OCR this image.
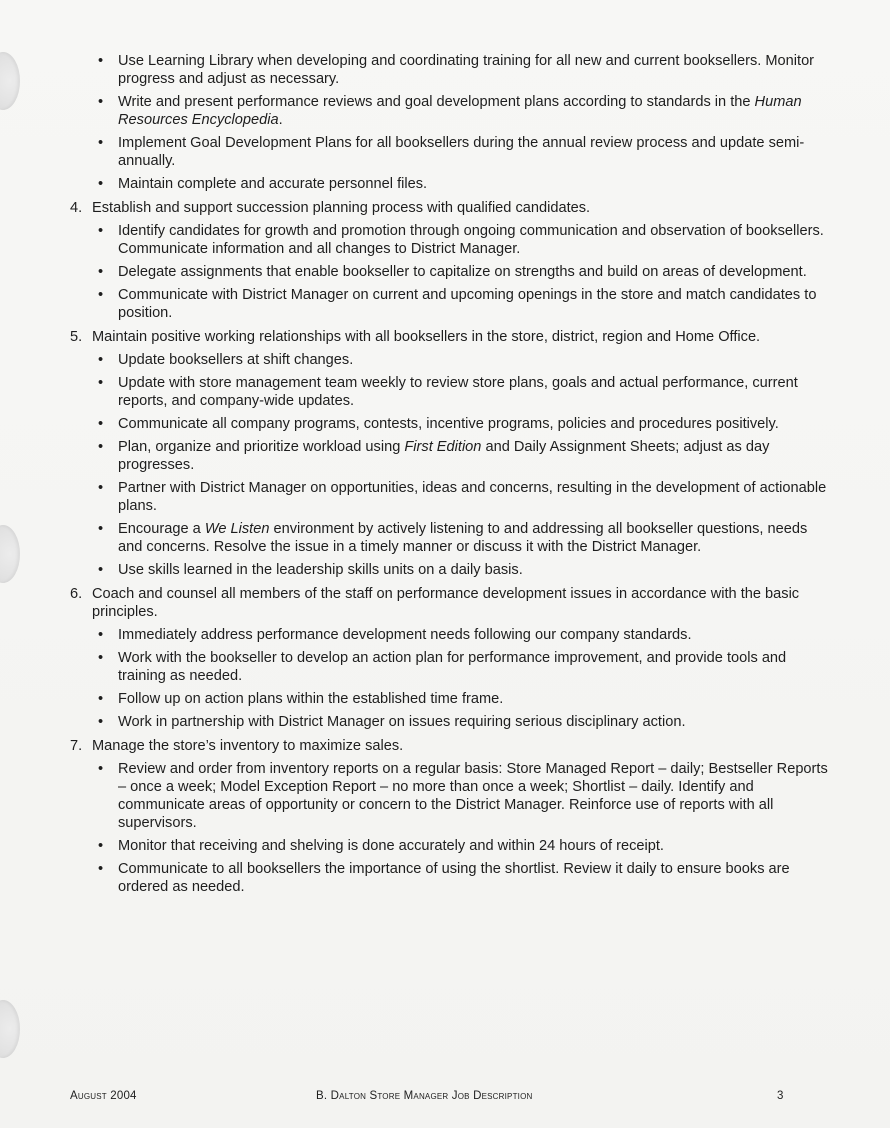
• Use Learning Library when developing and coordinating training for all new and current booksellers. Monitor progress and adjust as necessary.
• Write and present performance reviews and goal development plans according to standards in the Human Resources Encyclopedia.
• Implement Goal Development Plans for all booksellers during the annual review process and update semi-annually.
• Maintain complete and accurate personnel files.
4. Establish and support succession planning process with qualified candidates.
• Identify candidates for growth and promotion through ongoing communication and observation of booksellers. Communicate information and all changes to District Manager.
• Delegate assignments that enable bookseller to capitalize on strengths and build on areas of development.
• Communicate with District Manager on current and upcoming openings in the store and match candidates to position.
5. Maintain positive working relationships with all booksellers in the store, district, region and Home Office.
• Update booksellers at shift changes.
• Update with store management team weekly to review store plans, goals and actual performance, current reports, and company-wide updates.
• Communicate all company programs, contests, incentive programs, policies and procedures positively.
• Plan, organize and prioritize workload using First Edition and Daily Assignment Sheets; adjust as day progresses.
• Partner with District Manager on opportunities, ideas and concerns, resulting in the development of actionable plans.
• Encourage a We Listen environment by actively listening to and addressing all bookseller questions, needs and concerns. Resolve the issue in a timely manner or discuss it with the District Manager.
• Use skills learned in the leadership skills units on a daily basis.
6. Coach and counsel all members of the staff on performance development issues in accordance with the basic principles.
• Immediately address performance development needs following our company standards.
• Work with the bookseller to develop an action plan for performance improvement, and provide tools and training as needed.
• Follow up on action plans within the established time frame.
• Work in partnership with District Manager on issues requiring serious disciplinary action.
7. Manage the store’s inventory to maximize sales.
• Review and order from inventory reports on a regular basis: Store Managed Report – daily; Bestseller Reports – once a week; Model Exception Report – no more than once a week; Shortlist – daily. Identify and communicate areas of opportunity or concern to the District Manager. Reinforce use of reports with all supervisors.
• Monitor that receiving and shelving is done accurately and within 24 hours of receipt.
• Communicate to all booksellers the importance of using the shortlist. Review it daily to ensure books are ordered as needed.
August 2004	B. Dalton Store Manager Job Description	3
